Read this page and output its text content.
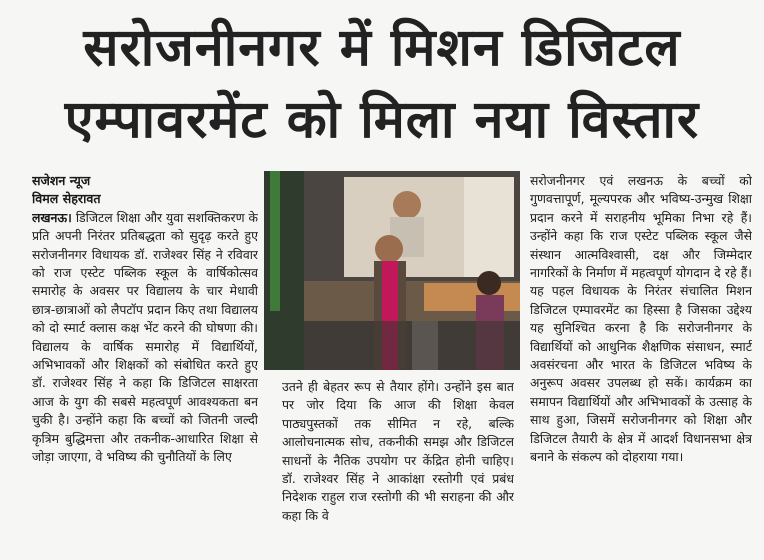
सरोजनीनगर में मिशन डिजिटल
एम्पावरमेंट को मिला नया विस्तार
सजेशन न्यूज
विमल सेहरावत

लखनऊ। डिजिटल शिक्षा और युवा सशक्तिकरण के प्रति अपनी निरंतर प्रतिबद्धता को सुदृढ़ करते हुए सरोजनीनगर विधायक डॉ. राजेश्वर सिंह ने रविवार को राज एस्टेट पब्लिक स्कूल के वार्षिकोत्सव समारोह के अवसर पर विद्यालय के चार मेधावी छात्र-छात्राओं को लैपटॉप प्रदान किए तथा विद्यालय को दो स्मार्ट क्लास कक्ष भेंट करने की घोषणा की। विद्यालय के वार्षिक समारोह में विद्यार्थियों, अभिभावकों और शिक्षकों को संबोधित करते हुए डॉ. राजेश्वर सिंह ने कहा कि डिजिटल साक्षरता आज के युग की सबसे महत्वपूर्ण आवश्यकता बन चुकी है। उन्होंने कहा कि बच्चों को जितनी जल्दी कृत्रिम बुद्धिमत्ता और तकनीक-आधारित शिक्षा से जोड़ा जाएगा, वे भविष्य की चुनौतियों के लिए

उतने ही बेहतर रूप से तैयार होंगे। उन्होंने इस बात पर जोर दिया कि आज की शिक्षा केवल पाठ्यपुस्तकों तक सीमित न रहे, बल्कि आलोचनात्मक सोच, तकनीकी समझ और डिजिटल साधनों के नैतिक उपयोग पर केंद्रित होनी चाहिए। डॉ. राजेश्वर सिंह ने आकांक्षा रस्तोगी एवं प्रबंध निदेशक राहुल राज रस्तोगी की भी सराहना की और कहा कि वे

सरोजनीनगर एवं लखनऊ के बच्चों को गुणवत्तापूर्ण, मूल्यपरक और भविष्य-उन्मुख शिक्षा प्रदान करने में सराहनीय भूमिका निभा रहे हैं। उन्होंने कहा कि राज एस्टेट पब्लिक स्कूल जैसे संस्थान आत्मविश्वासी, दक्ष और जिम्मेदार नागरिकों के निर्माण में महत्वपूर्ण योगदान दे रहे हैं। यह पहल विधायक के निरंतर संचालित मिशन डिजिटल एम्पावरमेंट का हिस्सा है जिसका उद्देश्य यह सुनिश्चित करना है कि सरोजनीनगर के विद्यार्थियों को आधुनिक शैक्षणिक संसाधन, स्मार्ट अवसंरचना और भारत के डिजिटल भविष्य के अनुरूप अवसर उपलब्ध हो सकें। कार्यक्रम का समापन विद्यार्थियों और अभिभावकों के उत्साह के साथ हुआ, जिसमें सरोजनीनगर को शिक्षा और डिजिटल तैयारी के क्षेत्र में आदर्श विधानसभा क्षेत्र बनाने के संकल्प को दोहराया गया।
